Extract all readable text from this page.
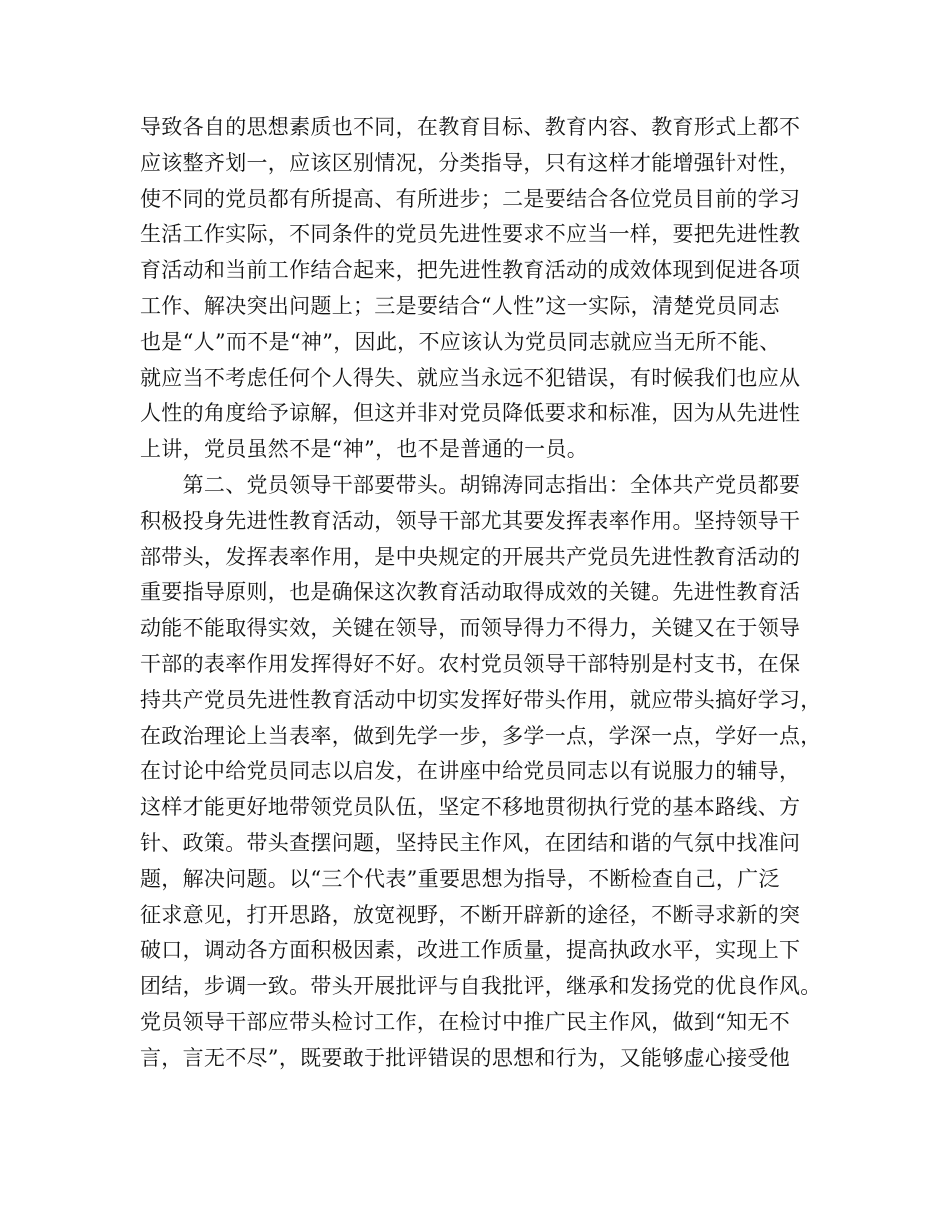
导致各自的思想素质也不同，在教育目标、教育内容、教育形式上都不
应该整齐划一，应该区别情况，分类指导，只有这样才能增强针对性，
使不同的党员都有所提高、有所进步；二是要结合各位党员目前的学习
生活工作实际，不同条件的党员先进性要求不应当一样，要把先进性教
育活动和当前工作结合起来，把先进性教育活动的成效体现到促进各项
工作、解决突出问题上；三是要结合“人性”这一实际，清楚党员同志
也是“人”而不是“神”，因此，不应该认为党员同志就应当无所不能、
就应当不考虑任何个人得失、就应当永远不犯错误，有时候我们也应从
人性的角度给予谅解，但这并非对党员降低要求和标准，因为从先进性
上讲，党员虽然不是“神”，也不是普通的一员。
　　第二、党员领导干部要带头。胡锦涛同志指出：全体共产党员都要
积极投身先进性教育活动，领导干部尤其要发挥表率作用。坚持领导干
部带头，发挥表率作用，是中央规定的开展共产党员先进性教育活动的
重要指导原则，也是确保这次教育活动取得成效的关键。先进性教育活
动能不能取得实效，关键在领导，而领导得力不得力，关键又在于领导
干部的表率作用发挥得好不好。农村党员领导干部特别是村支书，在保
持共产党员先进性教育活动中切实发挥好带头作用，就应带头搞好学习，
在政治理论上当表率，做到先学一步，多学一点，学深一点，学好一点，
在讨论中给党员同志以启发，在讲座中给党员同志以有说服力的辅导，
这样才能更好地带领党员队伍，坚定不移地贯彻执行党的基本路线、方
针、政策。带头查摆问题，坚持民主作风，在团结和谐的气氛中找准问
题，解决问题。以“三个代表”重要思想为指导，不断检查自己，广泛
征求意见，打开思路，放宽视野，不断开辟新的途径，不断寻求新的突
破口，调动各方面积极因素，改进工作质量，提高执政水平，实现上下
团结，步调一致。带头开展批评与自我批评，继承和发扬党的优良作风。
党员领导干部应带头检讨工作，在检讨中推广民主作风，做到“知无不
言，言无不尽”，既要敢于批评错误的思想和行为，又能够虚心接受他
